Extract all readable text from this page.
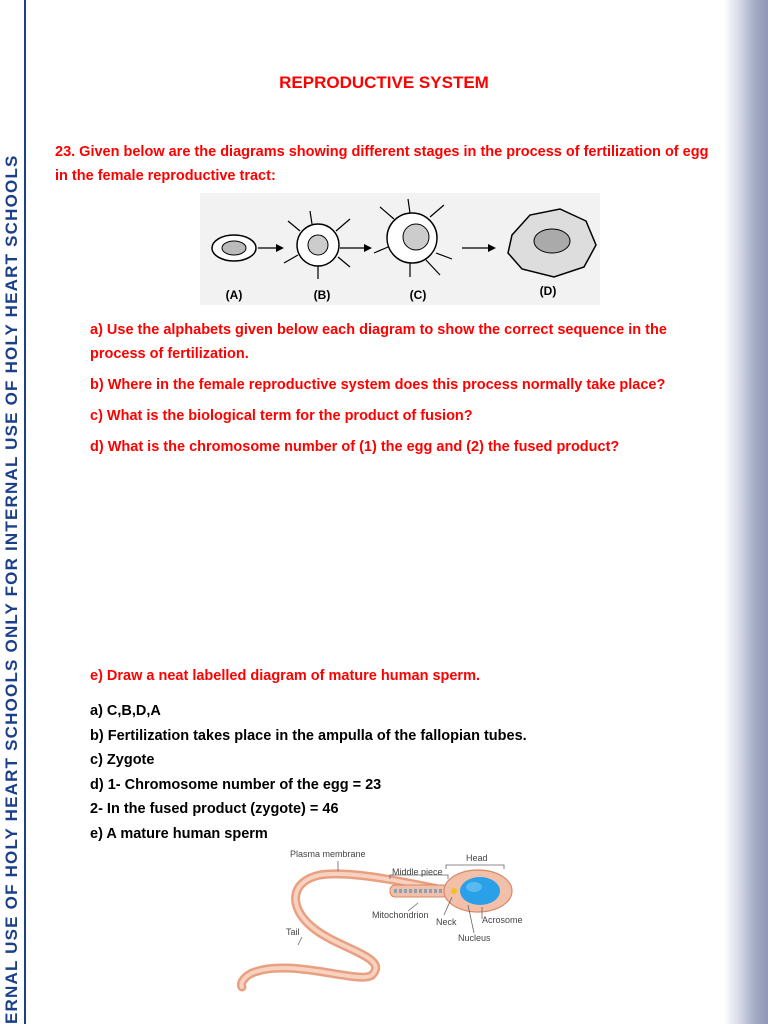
ERNAL USE OF HOLY HEART SCHOOLS ONLY FOR INTERNAL USE OF HOLY HEART SCHOOLS
REPRODUCTIVE SYSTEM
23. Given below are the diagrams showing different stages in the process of fertilization of egg in the female reproductive tract:
(A)	(B)	(C)	(D)
a) Use the alphabets given below each diagram to show the correct sequence in the process of fertilization.
b) Where in the female reproductive system does this process normally take place?
c) What is the biological term for the product of fusion?
d) What is the chromosome number of (1) the egg and (2) the fused product?
e) Draw a neat labelled diagram of mature human sperm.
a) C,B,D,A
b) Fertilization takes place in the ampulla of the fallopian tubes.
c) Zygote
d) 1- Chromosome number of the egg = 23
2- In the fused product (zygote) = 46
e) A mature human sperm
Plasma membrane	Head
Middle piece
Mitochondrion
Neck	Acrosome
Nucleus
Tail
